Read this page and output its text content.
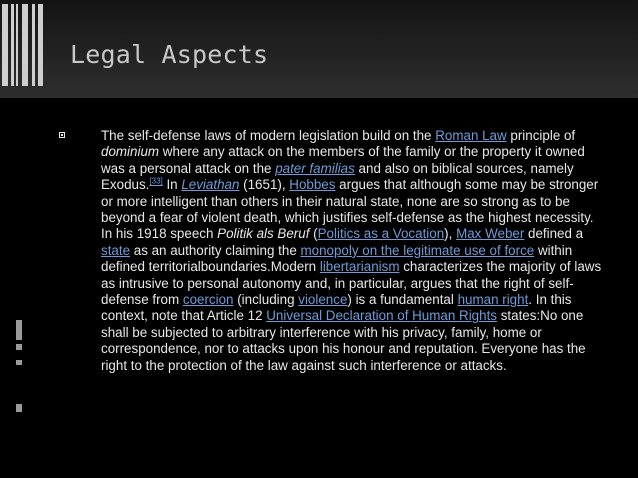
Legal Aspects

The self-defense laws of modern legislation build on the Roman Law principle of dominium where any attack on the members of the family or the property it owned was a personal attack on the pater familias and also on biblical sources, namely Exodus.[33] In Leviathan (1651), Hobbes argues that although some may be stronger or more intelligent than others in their natural state, none are so strong as to be beyond a fear of violent death, which justifies self-defense as the highest necessity. In his 1918 speech Politik als Beruf (Politics as a Vocation), Max Weber defined a state as an authority claiming the monopoly on the legitimate use of force within defined territorialboundaries.Modern libertarianism characterizes the majority of laws as intrusive to personal autonomy and, in particular, argues that the right of self-defense from coercion (including violence) is a fundamental human right. In this context, note that Article 12 Universal Declaration of Human Rights states:No one shall be subjected to arbitrary interference with his privacy, family, home or correspondence, nor to attacks upon his honour and reputation. Everyone has the right to the protection of the law against such interference or attacks.
